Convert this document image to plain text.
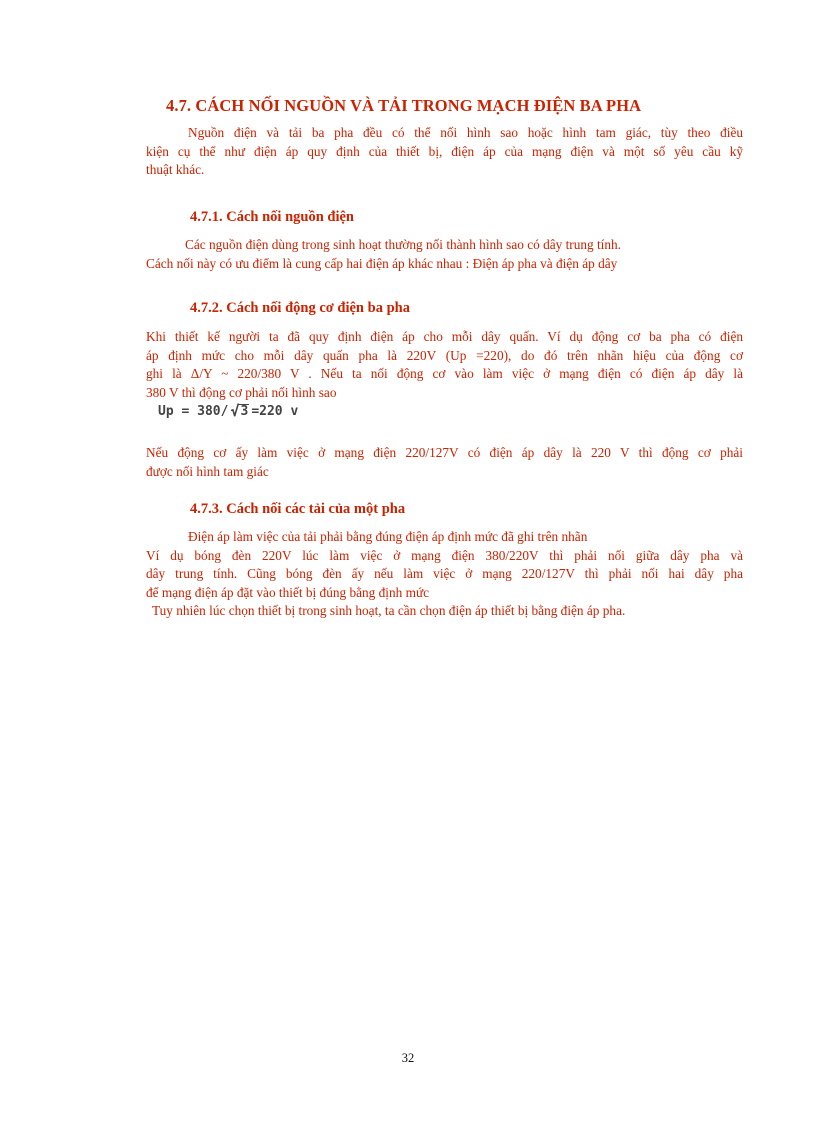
4.7. CÁCH NỐI NGUỒN VÀ TẢI TRONG MẠCH ĐIỆN BA PHA
Nguồn điện và tải ba pha đều có thể nối hình sao hoặc hình tam giác, tùy theo điều
kiện cụ thể như điện áp quy định của thiết bị, điện áp của mạng điện và một số yêu cầu kỹ
thuật khác.
4.7.1. Cách nối nguồn điện
Các nguồn điện dùng trong sinh hoạt thường nối thành hình sao có dây trung tính.
Cách nối này có ưu điểm là cung cấp hai điện áp khác nhau : Điện áp pha và điện áp dây
4.7.2. Cách nối động cơ điện ba pha
Khi thiết kế người ta đã quy định điện áp cho mỗi dây quấn. Ví dụ động cơ ba pha có điện
áp định mức cho mỗi dây quấn pha là 220V (Up =220), do đó trên nhãn hiệu của động cơ
ghi là Δ/Y ~ 220/380 V . Nếu ta nối động cơ vào làm việc ở mạng điện có điện áp dây là
380 V thì động cơ phải nối hình sao
Up = 380/ √ 3 =220 v
Nếu động cơ ấy làm việc ở mạng điện 220/127V có điện áp dây là 220 V thì động cơ phải
được nối hình tam giác
4.7.3. Cách nối các tải của một pha
Điện áp làm việc của tải phải bằng đúng điện áp định mức đã ghi trên nhãn
Ví dụ bóng đèn 220V lúc làm việc ở mạng điện 380/220V thì phải nối giữa dây pha và
dây trung tính. Cũng bóng đèn ấy nếu làm việc ở mạng 220/127V thì phải nối hai dây pha
để mạng điện áp đặt vào thiết bị đúng bằng định mức
Tuy nhiên lúc chọn thiết bị trong sinh hoạt, ta cần chọn điện áp thiết bị bằng điện áp pha.
32
